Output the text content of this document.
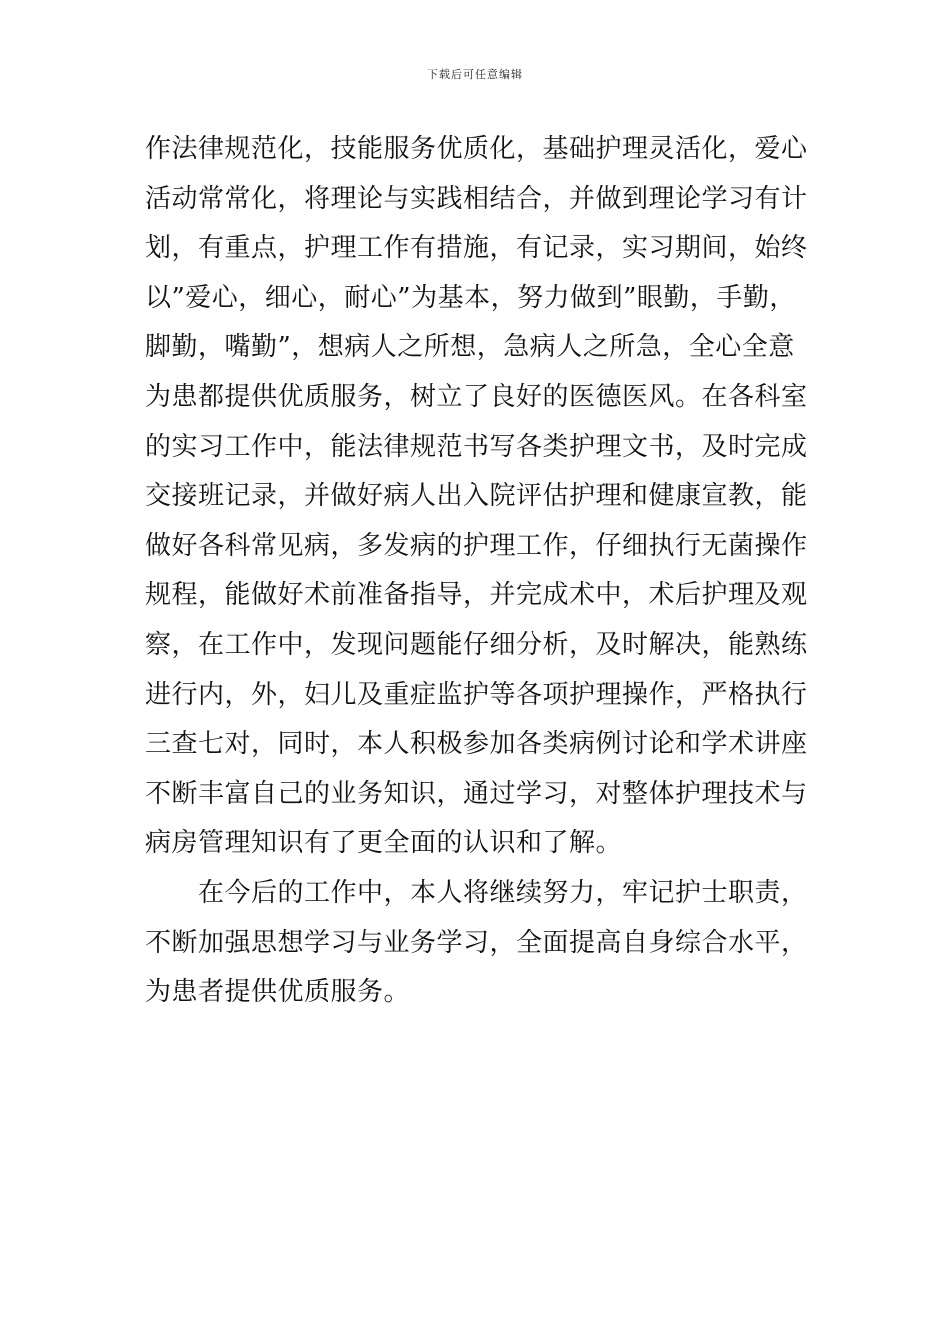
下载后可任意编辑
作法律规范化，技能服务优质化，基础护理灵活化，爱心
活动常常化，将理论与实践相结合，并做到理论学习有计
划，有重点，护理工作有措施，有记录，实习期间，始终
以”爱心，细心，耐心”为基本，努力做到”眼勤，手勤，
脚勤，嘴勤”，想病人之所想，急病人之所急，全心全意
为患都提供优质服务，树立了良好的医德医风。在各科室
的实习工作中，能法律规范书写各类护理文书，及时完成
交接班记录，并做好病人出入院评估护理和健康宣教，能
做好各科常见病，多发病的护理工作，仔细执行无菌操作
规程，能做好术前准备指导，并完成术中，术后护理及观
察，在工作中，发现问题能仔细分析，及时解决，能熟练
进行内，外，妇儿及重症监护等各项护理操作，严格执行
三查七对，同时，本人积极参加各类病例讨论和学术讲座
不断丰富自己的业务知识，通过学习，对整体护理技术与
病房管理知识有了更全面的认识和了解。
　　在今后的工作中，本人将继续努力，牢记护士职责，
不断加强思想学习与业务学习，全面提高自身综合水平，
为患者提供优质服务。
